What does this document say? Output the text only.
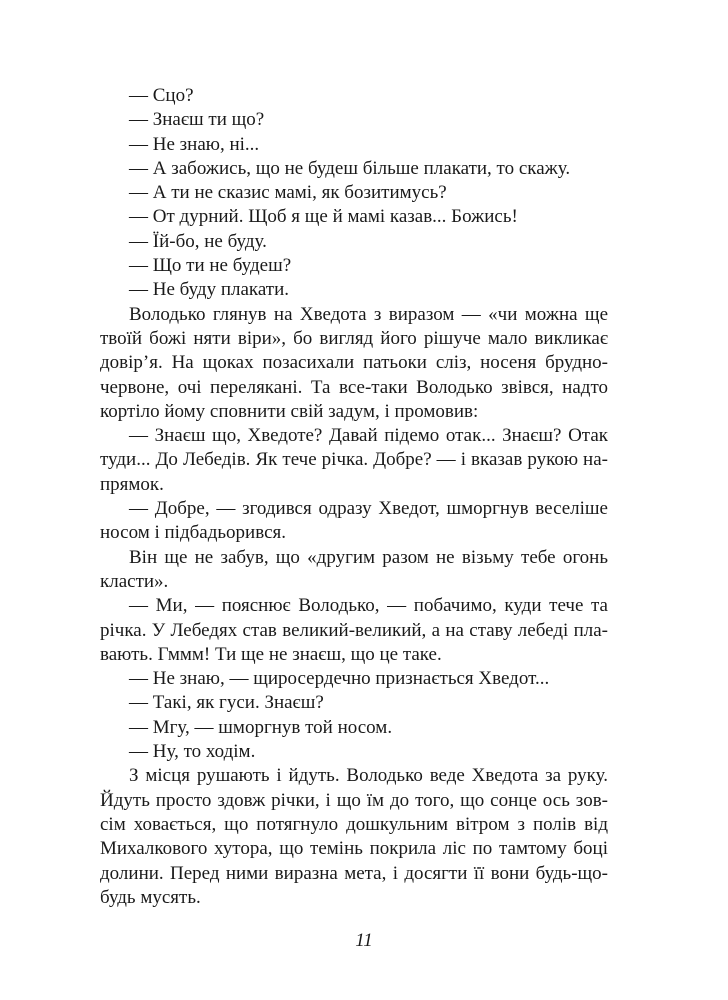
— Сцо?

— Знаєш ти що?

— Не знаю, ні...

— А забожись, що не будеш більше плакати, то скажу.

— А ти не сказис мамі, як бозитимусь?

— От дурний. Щоб я ще й мамі казав... Божись!

— Їй-бо, не буду.

— Що ти не будеш?

— Не буду плакати.

Володько глянув на Хведота з виразом — «чи можна ще твоїй божі няти віри», бо вигляд його рішуче мало викликає довір’я. На щоках позасихали патьоки сліз, носеня брудно-червоне, очі перелякані. Та все-таки Володько звівся, надто кортіло йому сповнити свій задум, і промовив:

— Знаєш що, Хведоте? Давай підемо отак... Знаєш? Отак туди... До Лебедів. Як тече річка. Добре? — і вказав рукою напрямок.

— Добре, — згодився одразу Хведот, шморгнув веселіше носом і підбадьорився.

Він ще не забув, що «другим разом не візьму тебе огонь класти».

— Ми, — пояснює Володько, — побачимо, куди тече та річка. У Лебедях став великий-великий, а на ставу лебеді плавають. Гммм! Ти ще не знаєш, що це таке.

— Не знаю, — щиросердечно признається Хведот...

— Такі, як гуси. Знаєш?

— Мгу, — шморгнув той носом.

— Ну, то ходім.

З місця рушають і йдуть. Володько веде Хведота за руку. Йдуть просто здовж річки, і що їм до того, що сонце ось зовсім ховається, що потягнуло дошкульним вітром з полів від Михалкового хутора, що темінь покрила ліс по тамтому боці долини. Перед ними виразна мета, і досягти її вони будь-щобудь мусять.

11
